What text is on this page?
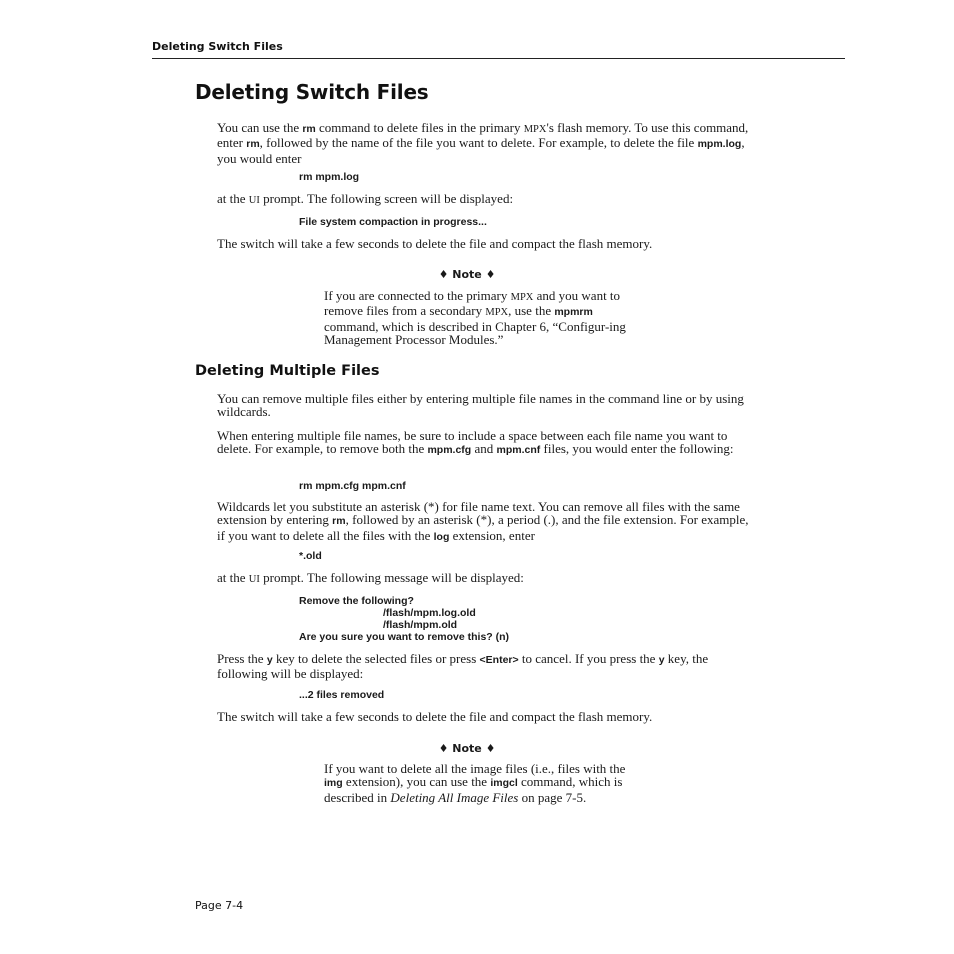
Deleting Switch Files
Deleting Switch Files
You can use the rm command to delete files in the primary MPX's flash memory. To use this command, enter rm, followed by the name of the file you want to delete. For example, to delete the file mpm.log, you would enter
rm mpm.log
at the UI prompt. The following screen will be displayed:
File system compaction in progress...
The switch will take a few seconds to delete the file and compact the flash memory.
♦ Note ♦
If you are connected to the primary MPX and you want to remove files from a secondary MPX, use the mpmrm command, which is described in Chapter 6, “Configur-ing Management Processor Modules.”
Deleting Multiple Files
You can remove multiple files either by entering multiple file names in the command line or by using wildcards.
When entering multiple file names, be sure to include a space between each file name you want to delete. For example, to remove both the mpm.cfg and mpm.cnf files, you would enter the following:
rm mpm.cfg mpm.cnf
Wildcards let you substitute an asterisk (*) for file name text. You can remove all files with the same extension by entering rm, followed by an asterisk (*), a period (.), and the file extension. For example, if you want to delete all the files with the log extension, enter
*.old
at the UI prompt. The following message will be displayed:
Remove the following?
/flash/mpm.log.old
/flash/mpm.old
Are you sure you want to remove this? (n)
Press the y key to delete the selected files or press <Enter> to cancel. If you press the y key, the following will be displayed:
...2 files removed
The switch will take a few seconds to delete the file and compact the flash memory.
♦ Note ♦
If you want to delete all the image files (i.e., files with the img extension), you can use the imgcl command, which is described in Deleting All Image Files on page 7-5.
Page 7-4
